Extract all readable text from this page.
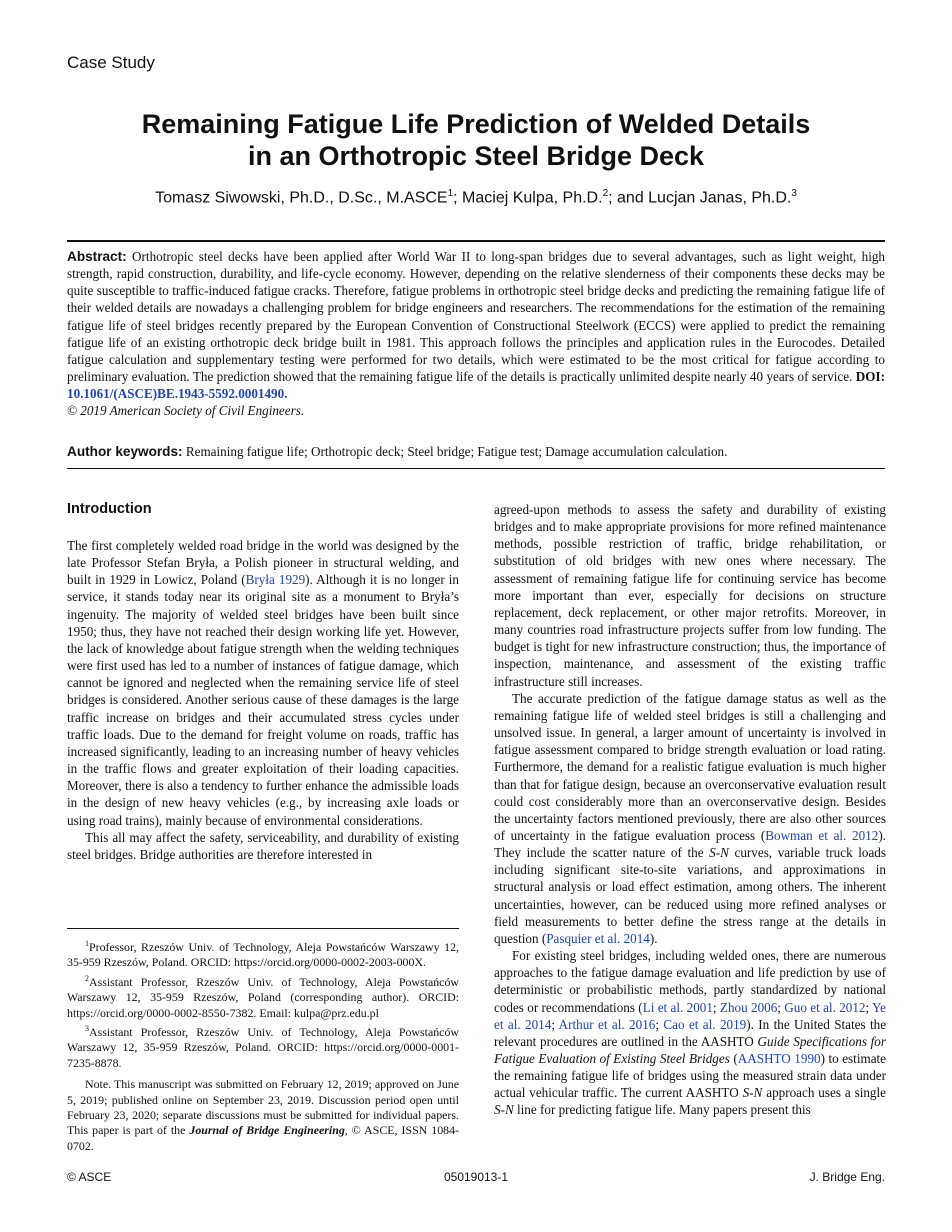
Case Study
Remaining Fatigue Life Prediction of Welded Details
in an Orthotropic Steel Bridge Deck
Tomasz Siwowski, Ph.D., D.Sc., M.ASCE$^1$; Maciej Kulpa, Ph.D.$^2$; and Lucjan Janas, Ph.D.$^3$
Abstract: Orthotropic steel decks have been applied after World War II to long-span bridges due to several advantages, such as light weight, high strength, rapid construction, durability, and life-cycle economy. However, depending on the relative slenderness of their components these decks may be quite susceptible to traffic-induced fatigue cracks. Therefore, fatigue problems in orthotropic steel bridge decks and predicting the remaining fatigue life of their welded details are nowadays a challenging problem for bridge engineers and researchers. The recommendations for the estimation of the remaining fatigue life of steel bridges recently prepared by the European Convention of Constructional Steelwork (ECCS) were applied to predict the remaining fatigue life of an existing orthotropic deck bridge built in 1981. This approach follows the principles and application rules in the Eurocodes. Detailed fatigue calculation and supplementary testing were performed for two details, which were estimated to be the most critical for fatigue according to preliminary evaluation. The prediction showed that the remaining fatigue life of the details is practically unlimited despite nearly 40 years of service. DOI: 10.1061/(ASCE)BE.1943-5592.0001490.
© 2019 American Society of Civil Engineers.
Author keywords: Remaining fatigue life; Orthotropic deck; Steel bridge; Fatigue test; Damage accumulation calculation.
Introduction

The first completely welded road bridge in the world was designed by the late Professor Stefan Bryła, a Polish pioneer in structural welding, and built in 1929 in Lowicz, Poland (Bryła 1929). Although it is no longer in service, it stands today near its original site as a monument to Bryła’s ingenuity. The majority of welded steel bridges have been built since 1950; thus, they have not reached their design working life yet. However, the lack of knowledge about fatigue strength when the welding techniques were first used has led to a number of instances of fatigue damage, which cannot be ignored and neglected when the remaining service life of steel bridges is considered. Another serious cause of these damages is the large traffic increase on bridges and their accumulated stress cycles under traffic loads. Due to the demand for freight volume on roads, traffic has increased significantly, leading to an increasing number of heavy vehicles in the traffic flows and greater exploitation of their loading capacities. Moreover, there is also a tendency to further enhance the admissible loads in the design of new heavy vehicles (e.g., by increasing axle loads or using road trains), mainly because of environmental considerations.

This all may affect the safety, serviceability, and durability of existing steel bridges. Bridge authorities are therefore interested in

$^1$Professor, Rzeszów Univ. of Technology, Aleja Powstańców Warszawy 12, 35-959 Rzeszów, Poland. ORCID: https://orcid.org/0000-0002-2003-000X.

$^2$Assistant Professor, Rzeszów Univ. of Technology, Aleja Powstańców Warszawy 12, 35-959 Rzeszów, Poland (corresponding author). ORCID: https://orcid.org/0000-0002-8550-7382. Email: kulpa@prz.edu.pl

$^3$Assistant Professor, Rzeszów Univ. of Technology, Aleja Powstańców Warszawy 12, 35-959 Rzeszów, Poland. ORCID: https://orcid.org/0000-0001-7235-8878.

Note. This manuscript was submitted on February 12, 2019; approved on June 5, 2019; published online on September 23, 2019. Discussion period open until February 23, 2020; separate discussions must be submitted for individual papers. This paper is part of the Journal of Bridge Engineering, © ASCE, ISSN 1084-0702.

agreed-upon methods to assess the safety and durability of existing bridges and to make appropriate provisions for more refined maintenance methods, possible restriction of traffic, bridge rehabilitation, or substitution of old bridges with new ones where necessary. The assessment of remaining fatigue life for continuing service has become more important than ever, especially for decisions on structure replacement, deck replacement, or other major retrofits. Moreover, in many countries road infrastructure projects suffer from low funding. The budget is tight for new infrastructure construction; thus, the importance of inspection, maintenance, and assessment of the existing traffic infrastructure still increases.

The accurate prediction of the fatigue damage status as well as the remaining fatigue life of welded steel bridges is still a challenging and unsolved issue. In general, a larger amount of uncertainty is involved in fatigue assessment compared to bridge strength evaluation or load rating. Furthermore, the demand for a realistic fatigue evaluation is much higher than that for fatigue design, because an overconservative evaluation result could cost considerably more than an overconservative design. Besides the uncertainty factors mentioned previously, there are also other sources of uncertainty in the fatigue evaluation process (Bowman et al. 2012). They include the scatter nature of the S-N curves, variable truck loads including significant site-to-site variations, and approximations in structural analysis or load effect estimation, among others. The inherent uncertainties, however, can be reduced using more refined analyses or field measurements to better define the stress range at the details in question (Pasquier et al. 2014).

For existing steel bridges, including welded ones, there are numerous approaches to the fatigue damage evaluation and life prediction by use of deterministic or probabilistic methods, partly standardized by national codes or recommendations (Li et al. 2001; Zhou 2006; Guo et al. 2012; Ye et al. 2014; Arthur et al. 2016; Cao et al. 2019). In the United States the relevant procedures are outlined in the AASHTO Guide Specifications for Fatigue Evaluation of Existing Steel Bridges (AASHTO 1990) to estimate the remaining fatigue life of bridges using the measured strain data under actual vehicular traffic. The current AASHTO S-N approach uses a single S-N line for predicting fatigue life. Many papers present this

© ASCE	05019013-1	J. Bridge Eng.
